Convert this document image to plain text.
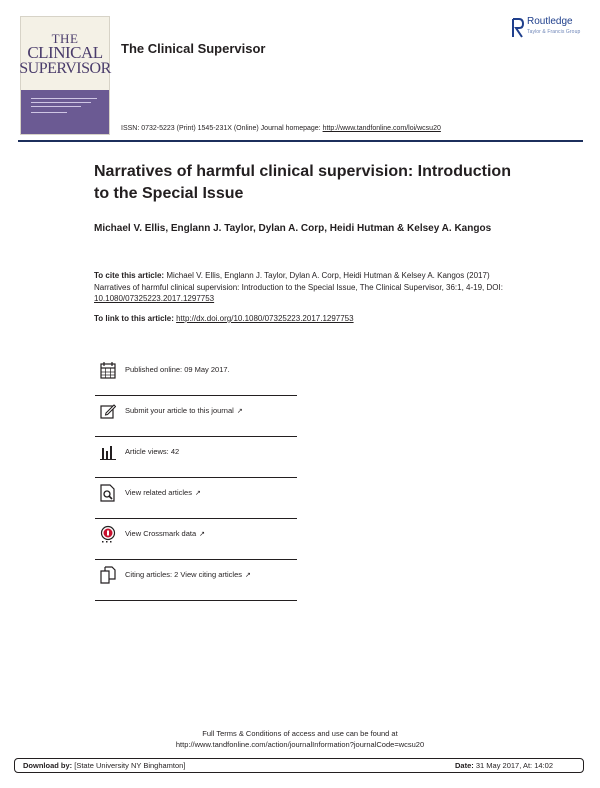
THE
CLINICAL
SUPERVISOR
The Clinical Supervisor
Routledge
Taylor & Francis Group
ISSN: 0732-5223 (Print) 1545-231X (Online) Journal homepage: http://www.tandfonline.com/loi/wcsu20
Narratives of harmful clinical supervision: Introduction to the Special Issue
Michael V. Ellis, Englann J. Taylor, Dylan A. Corp, Heidi Hutman & Kelsey A. Kangos
To cite this article: Michael V. Ellis, Englann J. Taylor, Dylan A. Corp, Heidi Hutman & Kelsey A. Kangos (2017) Narratives of harmful clinical supervision: Introduction to the Special Issue, The Clinical Supervisor, 36:1, 4-19, DOI: 10.1080/07325223.2017.1297753
To link to this article: http://dx.doi.org/10.1080/07325223.2017.1297753
Published online: 09 May 2017.
Submit your article to this journal ↗
Article views: 42
View related articles ↗
View Crossmark data ↗
Citing articles: 2 View citing articles ↗
Full Terms & Conditions of access and use can be found at
http://www.tandfonline.com/action/journalInformation?journalCode=wcsu20
Download by: [State University NY Binghamton]	Date: 31 May 2017, At: 14:02
